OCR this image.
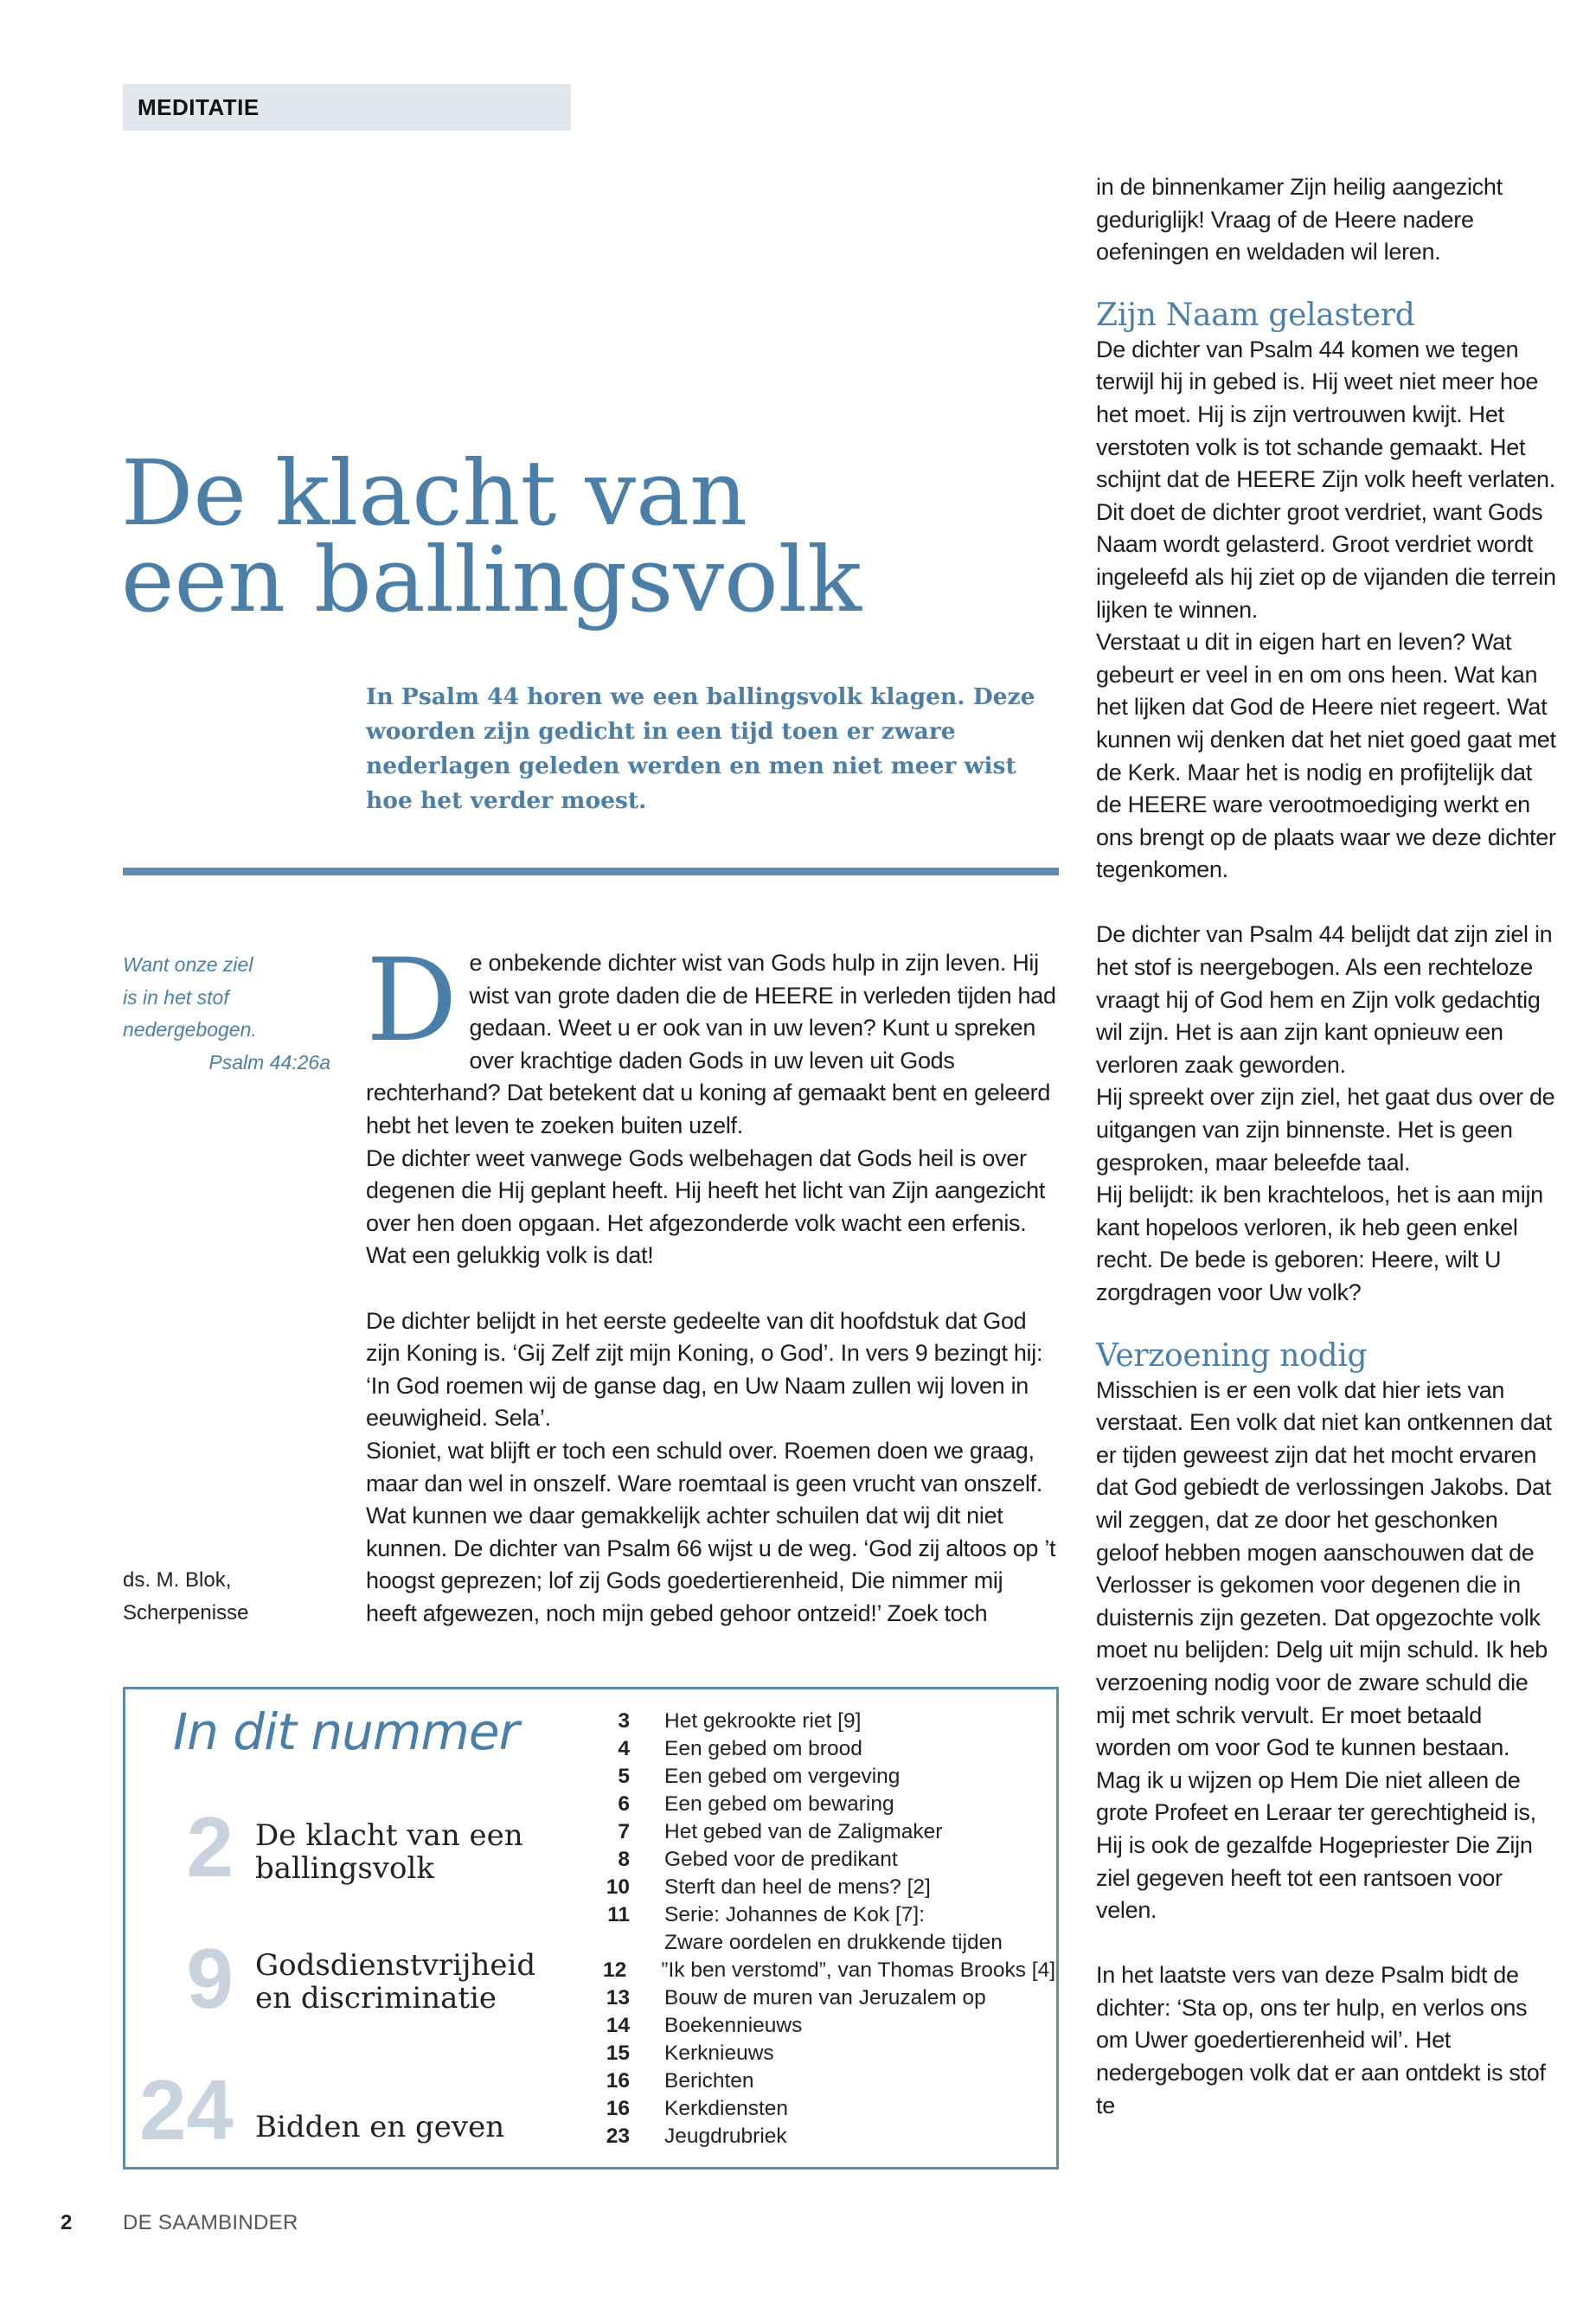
MEDITATIE
De klacht van
een ballingsvolk

In Psalm 44 horen we een ballingsvolk klagen. Deze woorden zijn gedicht in een tijd toen er zware nederlagen geleden werden en men niet meer wist hoe het verder moest.

Want onze ziel
is in het stof
nedergebogen.
Psalm 44:26a
ds. M. Blok,
Scherpenisse

D e onbekende dichter wist van Gods hulp in zijn leven. Hij wist van grote daden die de HEERE in verleden tijden had gedaan. Weet u er ook van in uw leven? Kunt u spreken over krachtige daden Gods in uw leven uit Gods rechterhand? Dat betekent dat u koning af gemaakt bent en geleerd hebt het leven te zoeken buiten uzelf.

De dichter weet vanwege Gods welbehagen dat Gods heil is over degenen die Hij geplant heeft. Hij heeft het licht van Zijn aangezicht over hen doen opgaan. Het afgezonderde volk wacht een erfenis. Wat een gelukkig volk is dat!

De dichter belijdt in het eerste gedeelte van dit hoofdstuk dat God zijn Koning is. ‘Gij Zelf zijt mijn Koning, o God’. In vers 9 bezingt hij: ‘In God roemen wij de ganse dag, en Uw Naam zullen wij loven in eeuwigheid. Sela’.

Sioniet, wat blijft er toch een schuld over. Roemen doen we graag, maar dan wel in onszelf. Ware roemtaal is geen vrucht van onszelf. Wat kunnen we daar gemakkelijk achter schuilen dat wij dit niet kunnen. De dichter van Psalm 66 wijst u de weg. ‘God zij altoos op ’t hoogst geprezen; lof zij Gods goedertierenheid, Die nimmer mij heeft afgewezen, noch mijn gebed gehoor ontzeid!’ Zoek toch

in de binnenkamer Zijn heilig aangezicht geduriglijk! Vraag of de Heere nadere oefeningen en weldaden wil leren.

Zijn Naam gelasterd

De dichter van Psalm 44 komen we tegen terwijl hij in gebed is. Hij weet niet meer hoe het moet. Hij is zijn vertrouwen kwijt. Het verstoten volk is tot schande gemaakt. Het schijnt dat de HEERE Zijn volk heeft verlaten. Dit doet de dichter groot verdriet, want Gods Naam wordt gelasterd. Groot verdriet wordt ingeleefd als hij ziet op de vijanden die terrein lijken te winnen.

Verstaat u dit in eigen hart en leven? Wat gebeurt er veel in en om ons heen. Wat kan het lijken dat God de Heere niet regeert. Wat kunnen wij denken dat het niet goed gaat met de Kerk. Maar het is nodig en profijtelijk dat de HEERE ware verootmoediging werkt en ons brengt op de plaats waar we deze dichter tegenkomen.

De dichter van Psalm 44 belijdt dat zijn ziel in het stof is neergebogen. Als een rechteloze vraagt hij of God hem en Zijn volk gedachtig wil zijn. Het is aan zijn kant opnieuw een verloren zaak geworden.

Hij spreekt over zijn ziel, het gaat dus over de uitgangen van zijn binnenste. Het is geen gesproken, maar beleefde taal.

Hij belijdt: ik ben krachteloos, het is aan mijn kant hopeloos verloren, ik heb geen enkel recht. De bede is geboren: Heere, wilt U zorgdragen voor Uw volk?

Verzoening nodig

Misschien is er een volk dat hier iets van verstaat. Een volk dat niet kan ontkennen dat er tijden geweest zijn dat het mocht ervaren dat God gebiedt de verlossingen Jakobs. Dat wil zeggen, dat ze door het geschonken geloof hebben mogen aanschouwen dat de Verlosser is gekomen voor degenen die in duisternis zijn gezeten. Dat opgezochte volk moet nu belijden: Delg uit mijn schuld. Ik heb verzoening nodig voor de zware schuld die mij met schrik vervult. Er moet betaald worden om voor God te kunnen bestaan.

Mag ik u wijzen op Hem Die niet alleen de grote Profeet en Leraar ter gerechtigheid is, Hij is ook de gezalfde Hogepriester Die Zijn ziel gegeven heeft tot een rantsoen voor velen.

In het laatste vers van deze Psalm bidt de dichter: ‘Sta op, ons ter hulp, en verlos ons om Uwer goedertierenheid wil’. Het nedergebogen volk dat er aan ontdekt is stof te

In dit nummer
2 De klacht van een
ballingsvolk
9 Godsdienstvrijheid
en discriminatie
24 Bidden en geven
3	Het gekrookte riet [9]
4	Een gebed om brood
5	Een gebed om vergeving
6	Een gebed om bewaring
7	Het gebed van de Zaligmaker
8	Gebed voor de predikant
10	Sterft dan heel de mens? [2]
11	Serie: Johannes de Kok [7]:
Zware oordelen en drukkende tijden
12	”Ik ben verstomd”, van Thomas Brooks [4]
13	Bouw de muren van Jeruzalem op
14	Boekennieuws
15	Kerknieuws
16	Berichten
16	Kerkdiensten
23	Jeugdrubriek
2 DE SAAMBINDER
